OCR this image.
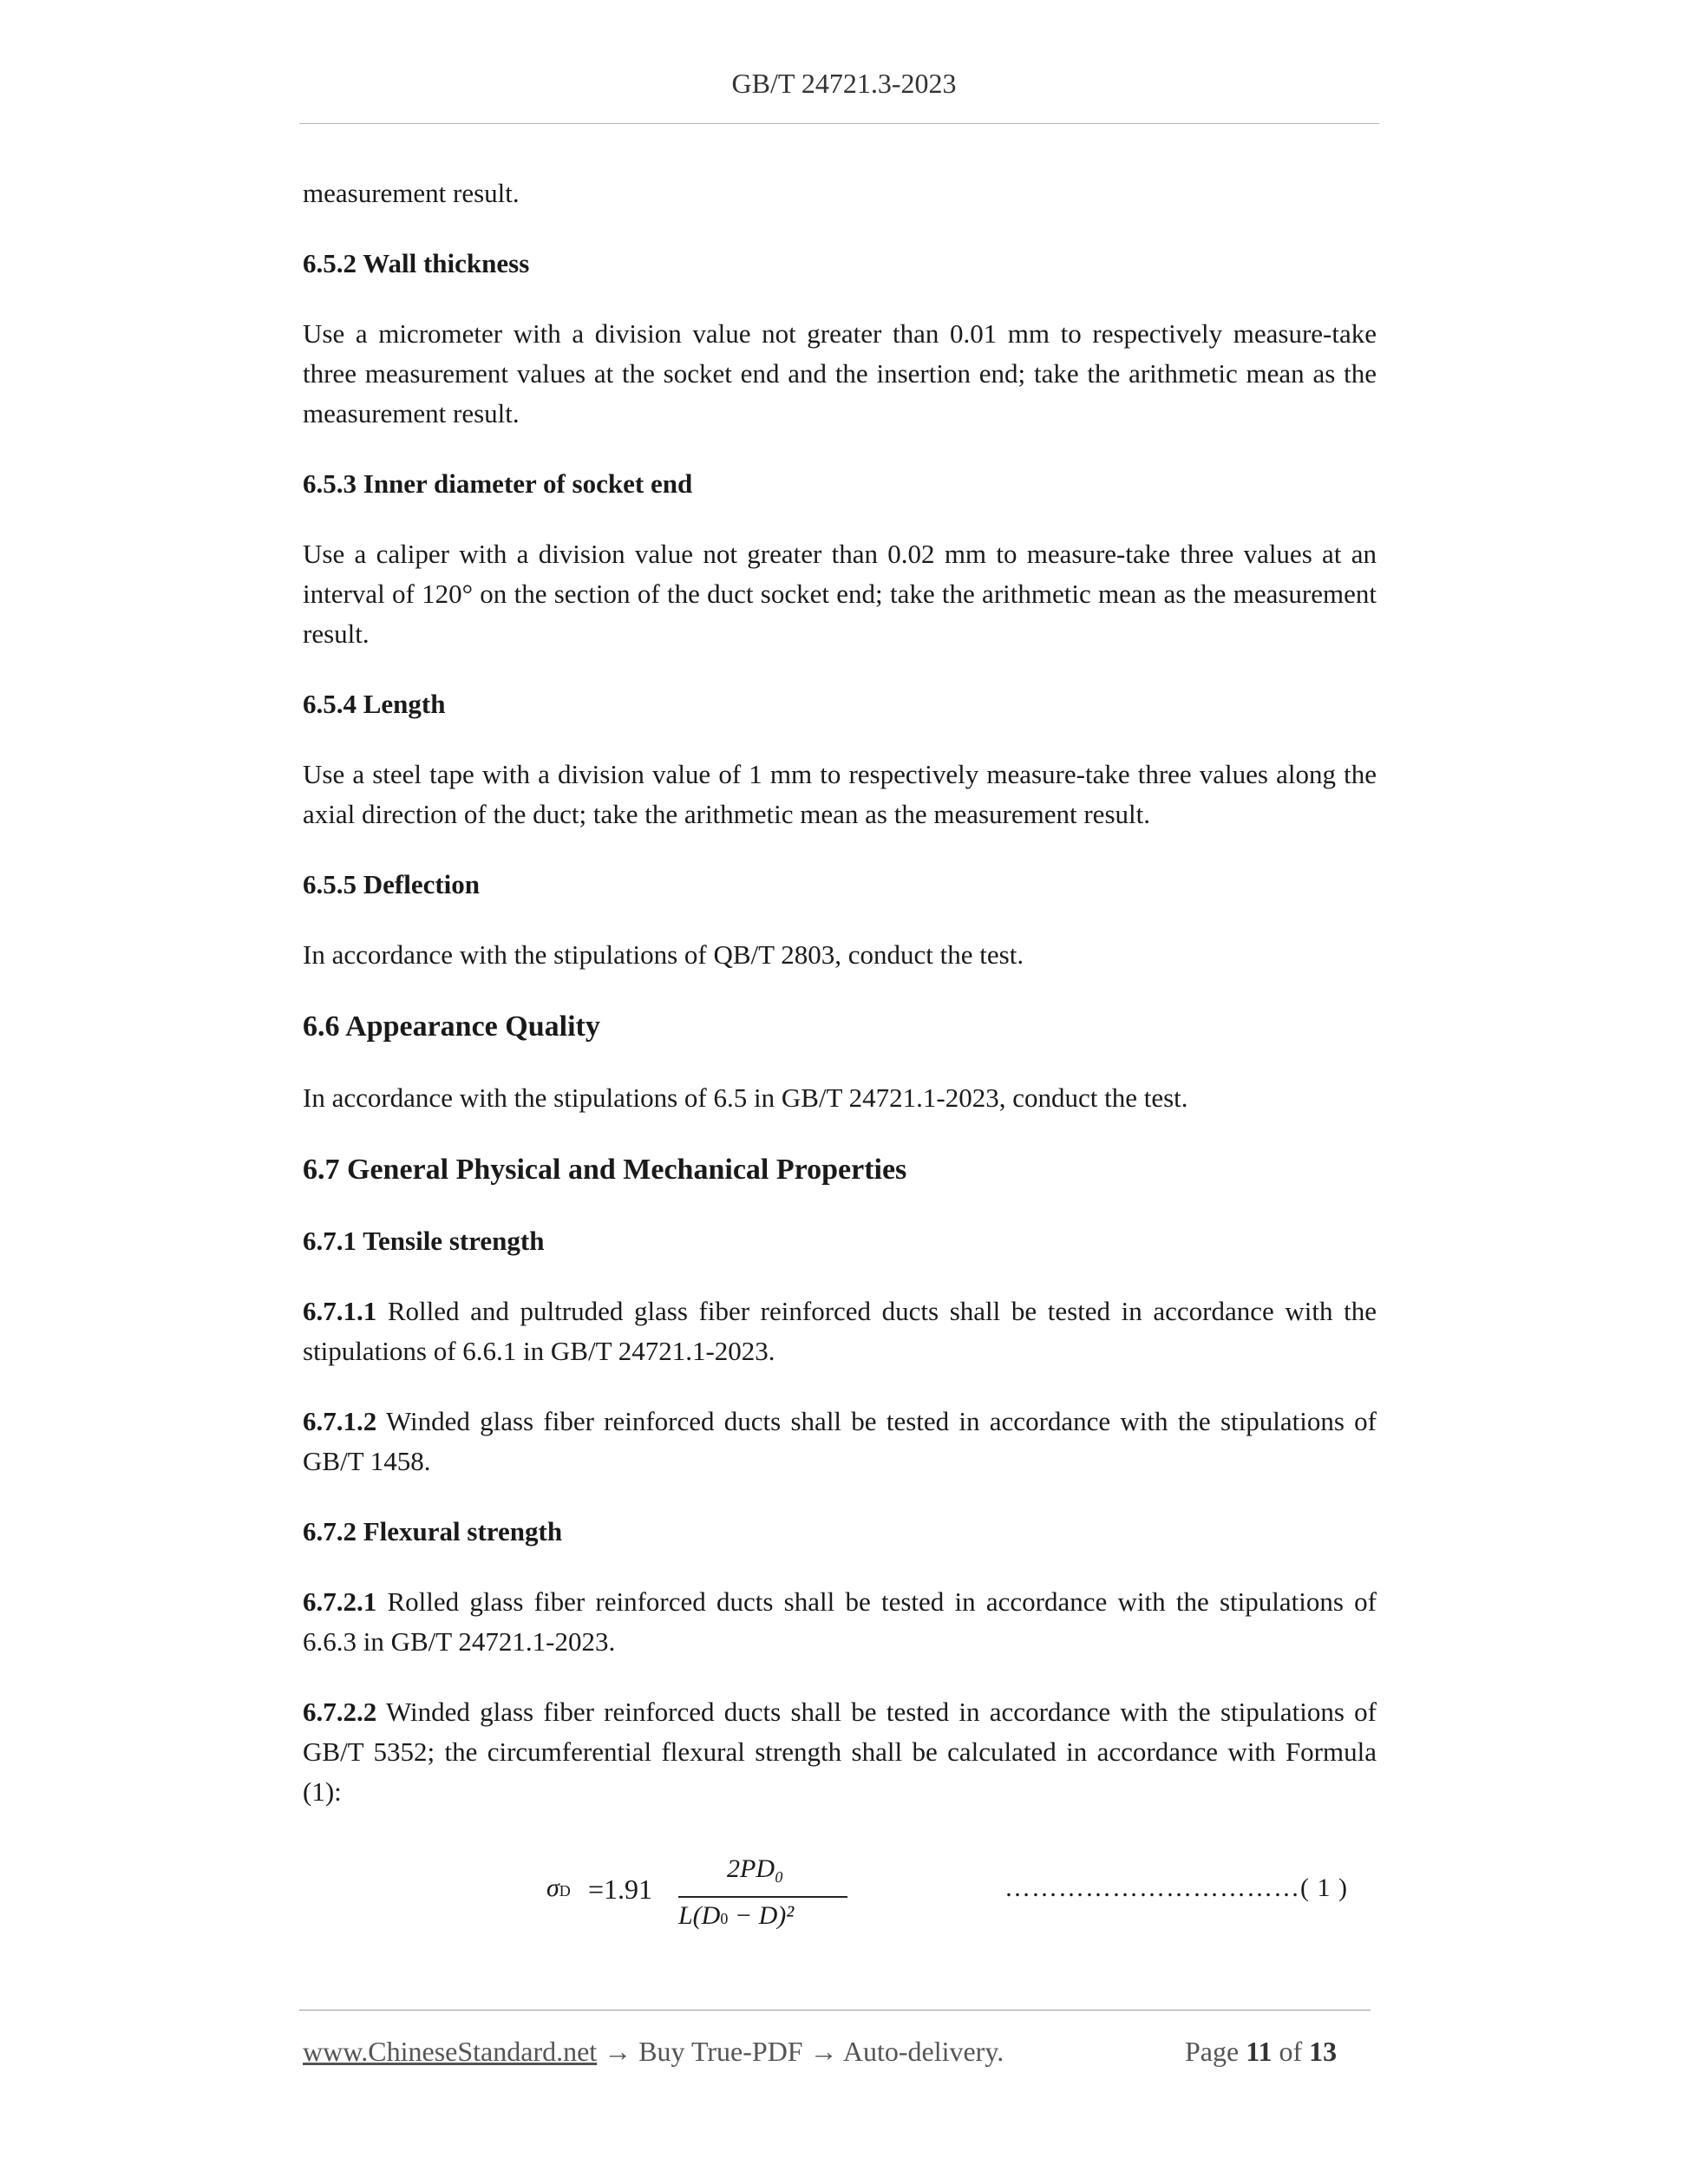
GB/T 24721.3-2023

measurement result.

6.5.2 Wall thickness

Use a micrometer with a division value not greater than 0.01 mm to respectively measure-take three measurement values at the socket end and the insertion end; take the arithmetic mean as the measurement result.

6.5.3 Inner diameter of socket end

Use a caliper with a division value not greater than 0.02 mm to measure-take three values at an interval of 120° on the section of the duct socket end; take the arithmetic mean as the measurement result.

6.5.4 Length

Use a steel tape with a division value of 1 mm to respectively measure-take three values along the axial direction of the duct; take the arithmetic mean as the measurement result.

6.5.5 Deflection

In accordance with the stipulations of QB/T 2803, conduct the test.

6.6 Appearance Quality

In accordance with the stipulations of 6.5 in GB/T 24721.1-2023, conduct the test.

6.7 General Physical and Mechanical Properties

6.7.1 Tensile strength

6.7.1.1 Rolled and pultruded glass fiber reinforced ducts shall be tested in accordance with the stipulations of 6.6.1 in GB/T 24721.1-2023.

6.7.1.2 Winded glass fiber reinforced ducts shall be tested in accordance with the stipulations of GB/T 1458.

6.7.2 Flexural strength

6.7.2.1 Rolled glass fiber reinforced ducts shall be tested in accordance with the stipulations of 6.6.3 in GB/T 24721.1-2023.

6.7.2.2 Winded glass fiber reinforced ducts shall be tested in accordance with the stipulations of GB/T 5352; the circumferential flexural strength shall be calculated in accordance with Formula (1):

σD =1.91
2PD₀
L(D0 − D)²
……………………………( 1 )
www.ChineseStandard.net → Buy True-PDF → Auto-delivery.	Page 11 of 13
